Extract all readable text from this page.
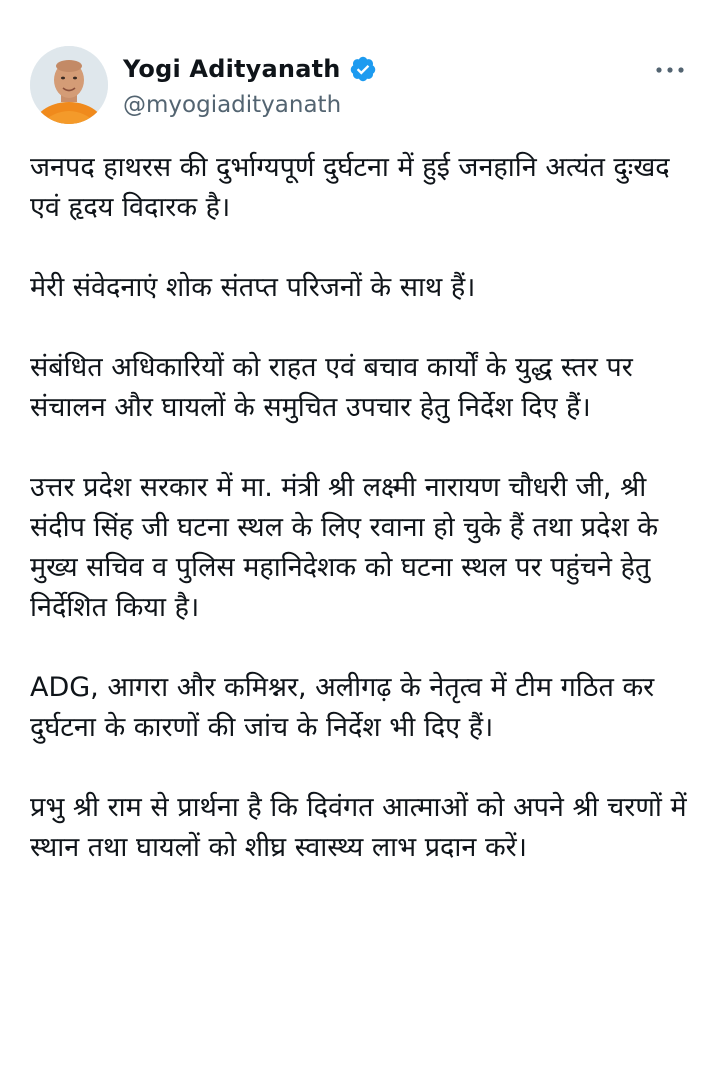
Yogi Adityanath
@myogiadityanath

जनपद हाथरस की दुर्भाग्यपूर्ण दुर्घटना में हुई जनहानि अत्यंत दुःखद एवं हृदय विदारक है।

मेरी संवेदनाएं शोक संतप्त परिजनों के साथ हैं।

संबंधित अधिकारियों को राहत एवं बचाव कार्यों के युद्ध स्तर पर संचालन और घायलों के समुचित उपचार हेतु निर्देश दिए हैं।

उत्तर प्रदेश सरकार में मा. मंत्री श्री लक्ष्मी नारायण चौधरी जी, श्री संदीप सिंह जी घटना स्थल के लिए रवाना हो चुके हैं तथा प्रदेश के मुख्य सचिव व पुलिस महानिदेशक को घटना स्थल पर पहुंचने हेतु निर्देशित किया है।

ADG, आगरा और कमिश्नर, अलीगढ़ के नेतृत्व में टीम गठित कर दुर्घटना के कारणों की जांच के निर्देश भी दिए हैं।

प्रभु श्री राम से प्रार्थना है कि दिवंगत आत्माओं को अपने श्री चरणों में स्थान तथा घायलों को शीघ्र स्वास्थ्य लाभ प्रदान करें।
